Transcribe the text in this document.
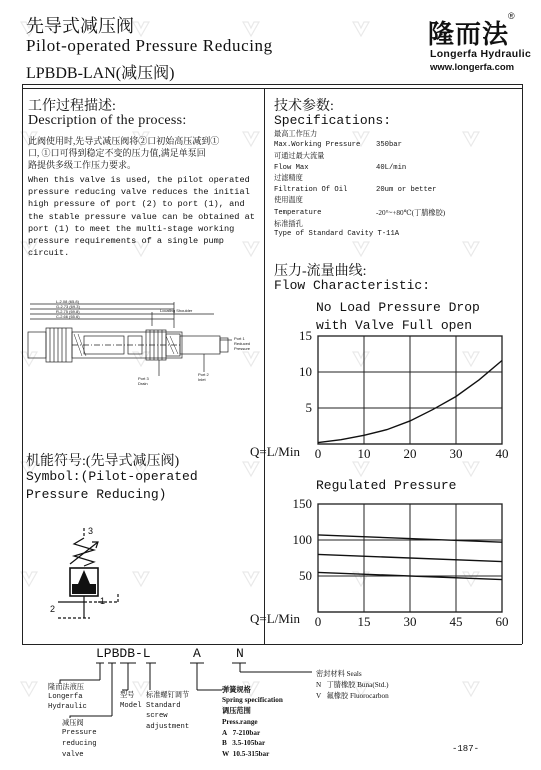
先导式减压阀
Pilot-operated Pressure Reducing
LPBDB-LAN(减压阀)
隆而法
®
Longerfa Hydraulic
www.longerfa.com
工作过程描述:
Description of the process:
此阀使用时,先导式减压阀将②口初始高压减到①
口, ①口可得到稳定不变的压力值,满足单泵回
路提供多级工作压力要求。
When this valve is used, the pilot operated
pressure reducing valve reduces the initial
high pressure of port (2) to port (1), and
the stable pressure value can be obtained at
port (1) to meet the multi-stage working
pressure requirements of a single pump
circuit.
L-2.08 (65.8)
G-2.73 (69.3)
R-2.75 (69.8)
C-2.66 (65.6)
Locating Shoulder
Port 1
Reduced
Pressure
Port 3
Drain
Port 2
Inlet
机能符号:(先导式减压阀)
Symbol:(Pilot-operated
Pressure Reducing)
3
2
1
技术参数:
Specifications:
最高工作压力
Max.Working Pressure 350bar
可通过最大流量
Flow Max	40L/min
过滤精度
Filtration Of Oil	20um or better
使用温度
Temperature	-20°~+80℃(丁腈橡胶)
标准插孔
Type of Standard Cavity T-11A
压力-流量曲线:
Flow Characteristic:
No Load Pressure Drop
with Valve Full open
0	10	20	30	40
5
10
15
Q=L/Min
Regulated Pressure
0	15	30	45	60
50
100
150
Q=L/Min
LPBDB-L	A	N
隆而法液压
Longerfa
Hydraulic
型号
Model
减压阀
Pressure
reducing
valve
标准螺钉调节
Standard
screw
adjustment
弹簧规格
Spring specification
调压范围
Press.range
A 7-210bar
B 3.5-105bar
W 10.5-315bar
密封材料 Seals
N 丁腈橡胶 Buna(Std.)
V 氟橡胶 Fluorocarbon
-187-
